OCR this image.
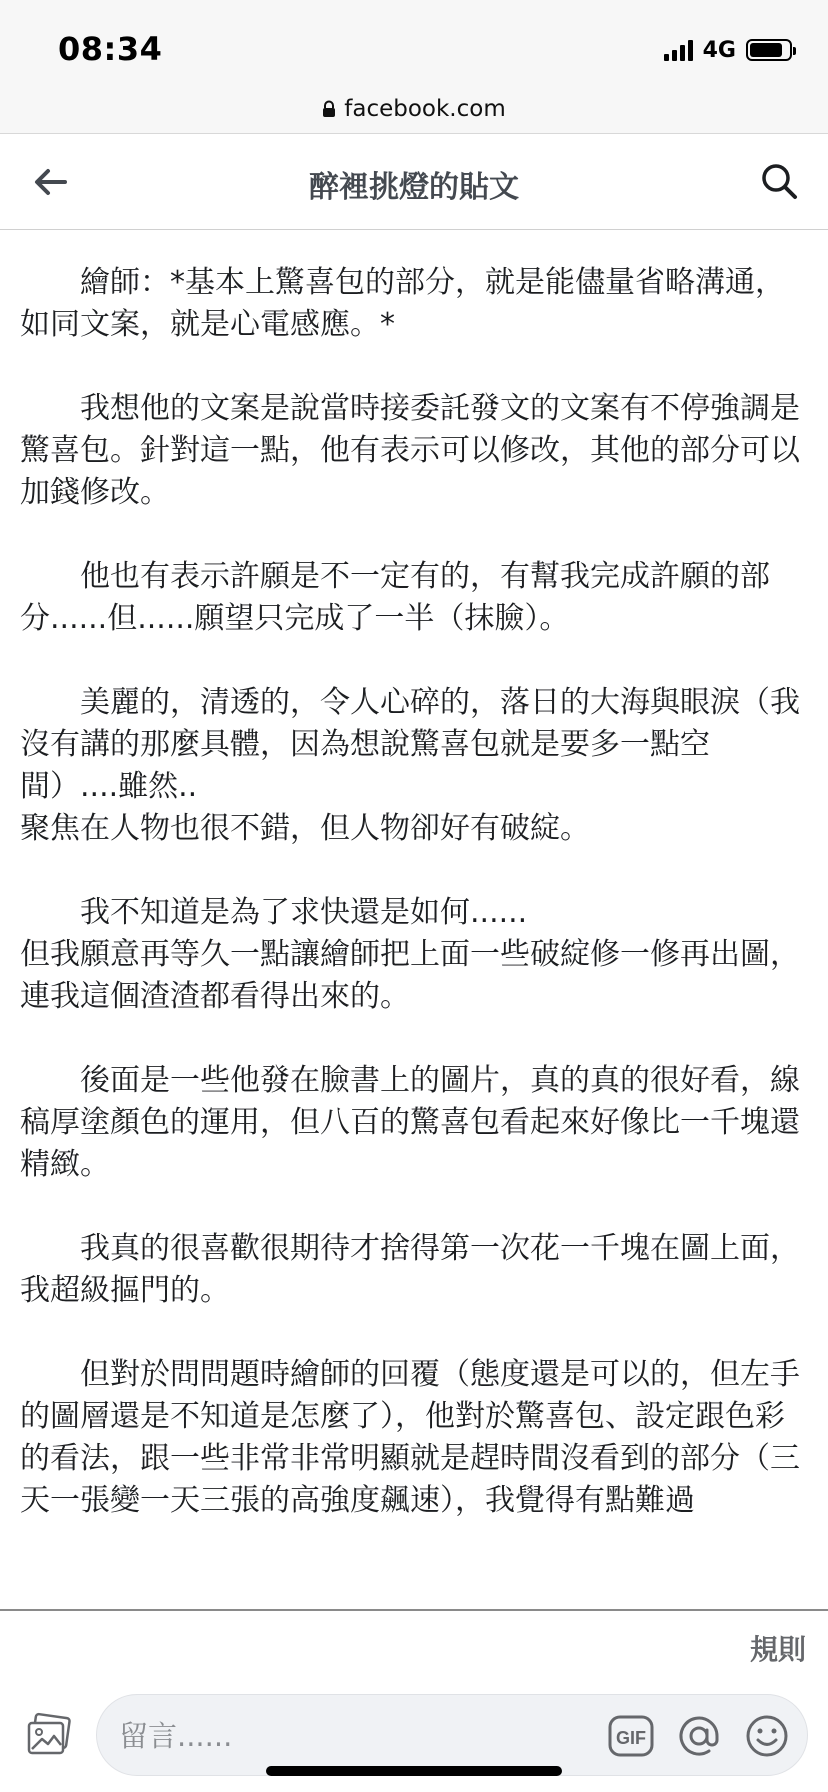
08:34	4G
facebook.com
醉裡挑燈的貼文

　　繪師：*基本上驚喜包的部分，就是能儘量省略溝通，如同文案，就是心電感應。*

　　我想他的文案是說當時接委託發文的文案有不停強調是驚喜包。針對這一點，他有表示可以修改，其他的部分可以加錢修改。

　　他也有表示許願是不一定有的，有幫我完成許願的部分......但......願望只完成了一半（抹臉）。

　　美麗的，清透的，令人心碎的，落日的大海與眼淚（我沒有講的那麼具體，因為想說驚喜包就是要多一點空間）....雖然..
聚焦在人物也很不錯，但人物卻好有破綻。

　　我不知道是為了求快還是如何......
但我願意再等久一點讓繪師把上面一些破綻修一修再出圖，連我這個渣渣都看得出來的。

　　後面是一些他發在臉書上的圖片，真的真的很好看，線稿厚塗顏色的運用，但八百的驚喜包看起來好像比一千塊還精緻。

　　我真的很喜歡很期待才捨得第一次花一千塊在圖上面，我超級摳門的。

　　但對於問問題時繪師的回覆（態度還是可以的，但左手的圖層還是不知道是怎麼了），他對於驚喜包、設定跟色彩的看法，跟一些非常非常明顯就是趕時間沒看到的部分（三天一張變一天三張的高強度飆速），我覺得有點難過

規則
留言......
GIF
